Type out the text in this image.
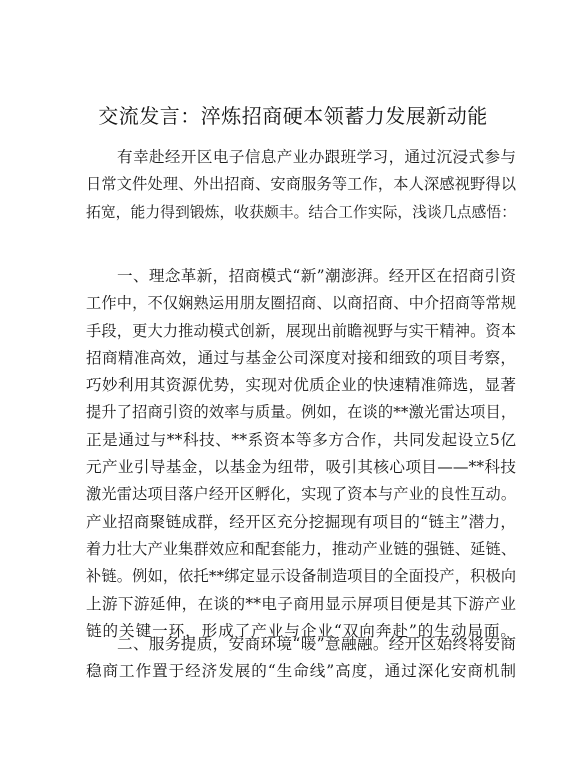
交流发言：淬炼招商硬本领蓄力发展新动能
有幸赴经开区电子信息产业办跟班学习，通过沉浸式参与
日常文件处理、外出招商、安商服务等工作，本人深感视野得以
拓宽，能力得到锻炼，收获颇丰。结合工作实际，浅谈几点感悟：
一、理念革新，招商模式“新”潮澎湃。经开区在招商引资
工作中，不仅娴熟运用朋友圈招商、以商招商、中介招商等常规
手段，更大力推动模式创新，展现出前瞻视野与实干精神。资本
招商精准高效，通过与基金公司深度对接和细致的项目考察，
巧妙利用其资源优势，实现对优质企业的快速精准筛选，显著
提升了招商引资的效率与质量。例如，在谈的**激光雷达项目，
正是通过与**科技、**系资本等多方合作，共同发起设立5亿
元产业引导基金，以基金为纽带，吸引其核心项目——**科技
激光雷达项目落户经开区孵化，实现了资本与产业的良性互动。
产业招商聚链成群，经开区充分挖掘现有项目的“链主”潜力，
着力壮大产业集群效应和配套能力，推动产业链的强链、延链、
补链。例如，依托**绑定显示设备制造项目的全面投产，积极向
上游下游延伸，在谈的**电子商用显示屏项目便是其下游产业
链的关键一环，形成了产业与企业“双向奔赴”的生动局面。
二、服务提质，安商环境“暖”意融融。经开区始终将安商
稳商工作置于经济发展的“生命线”高度，通过深化安商机制
